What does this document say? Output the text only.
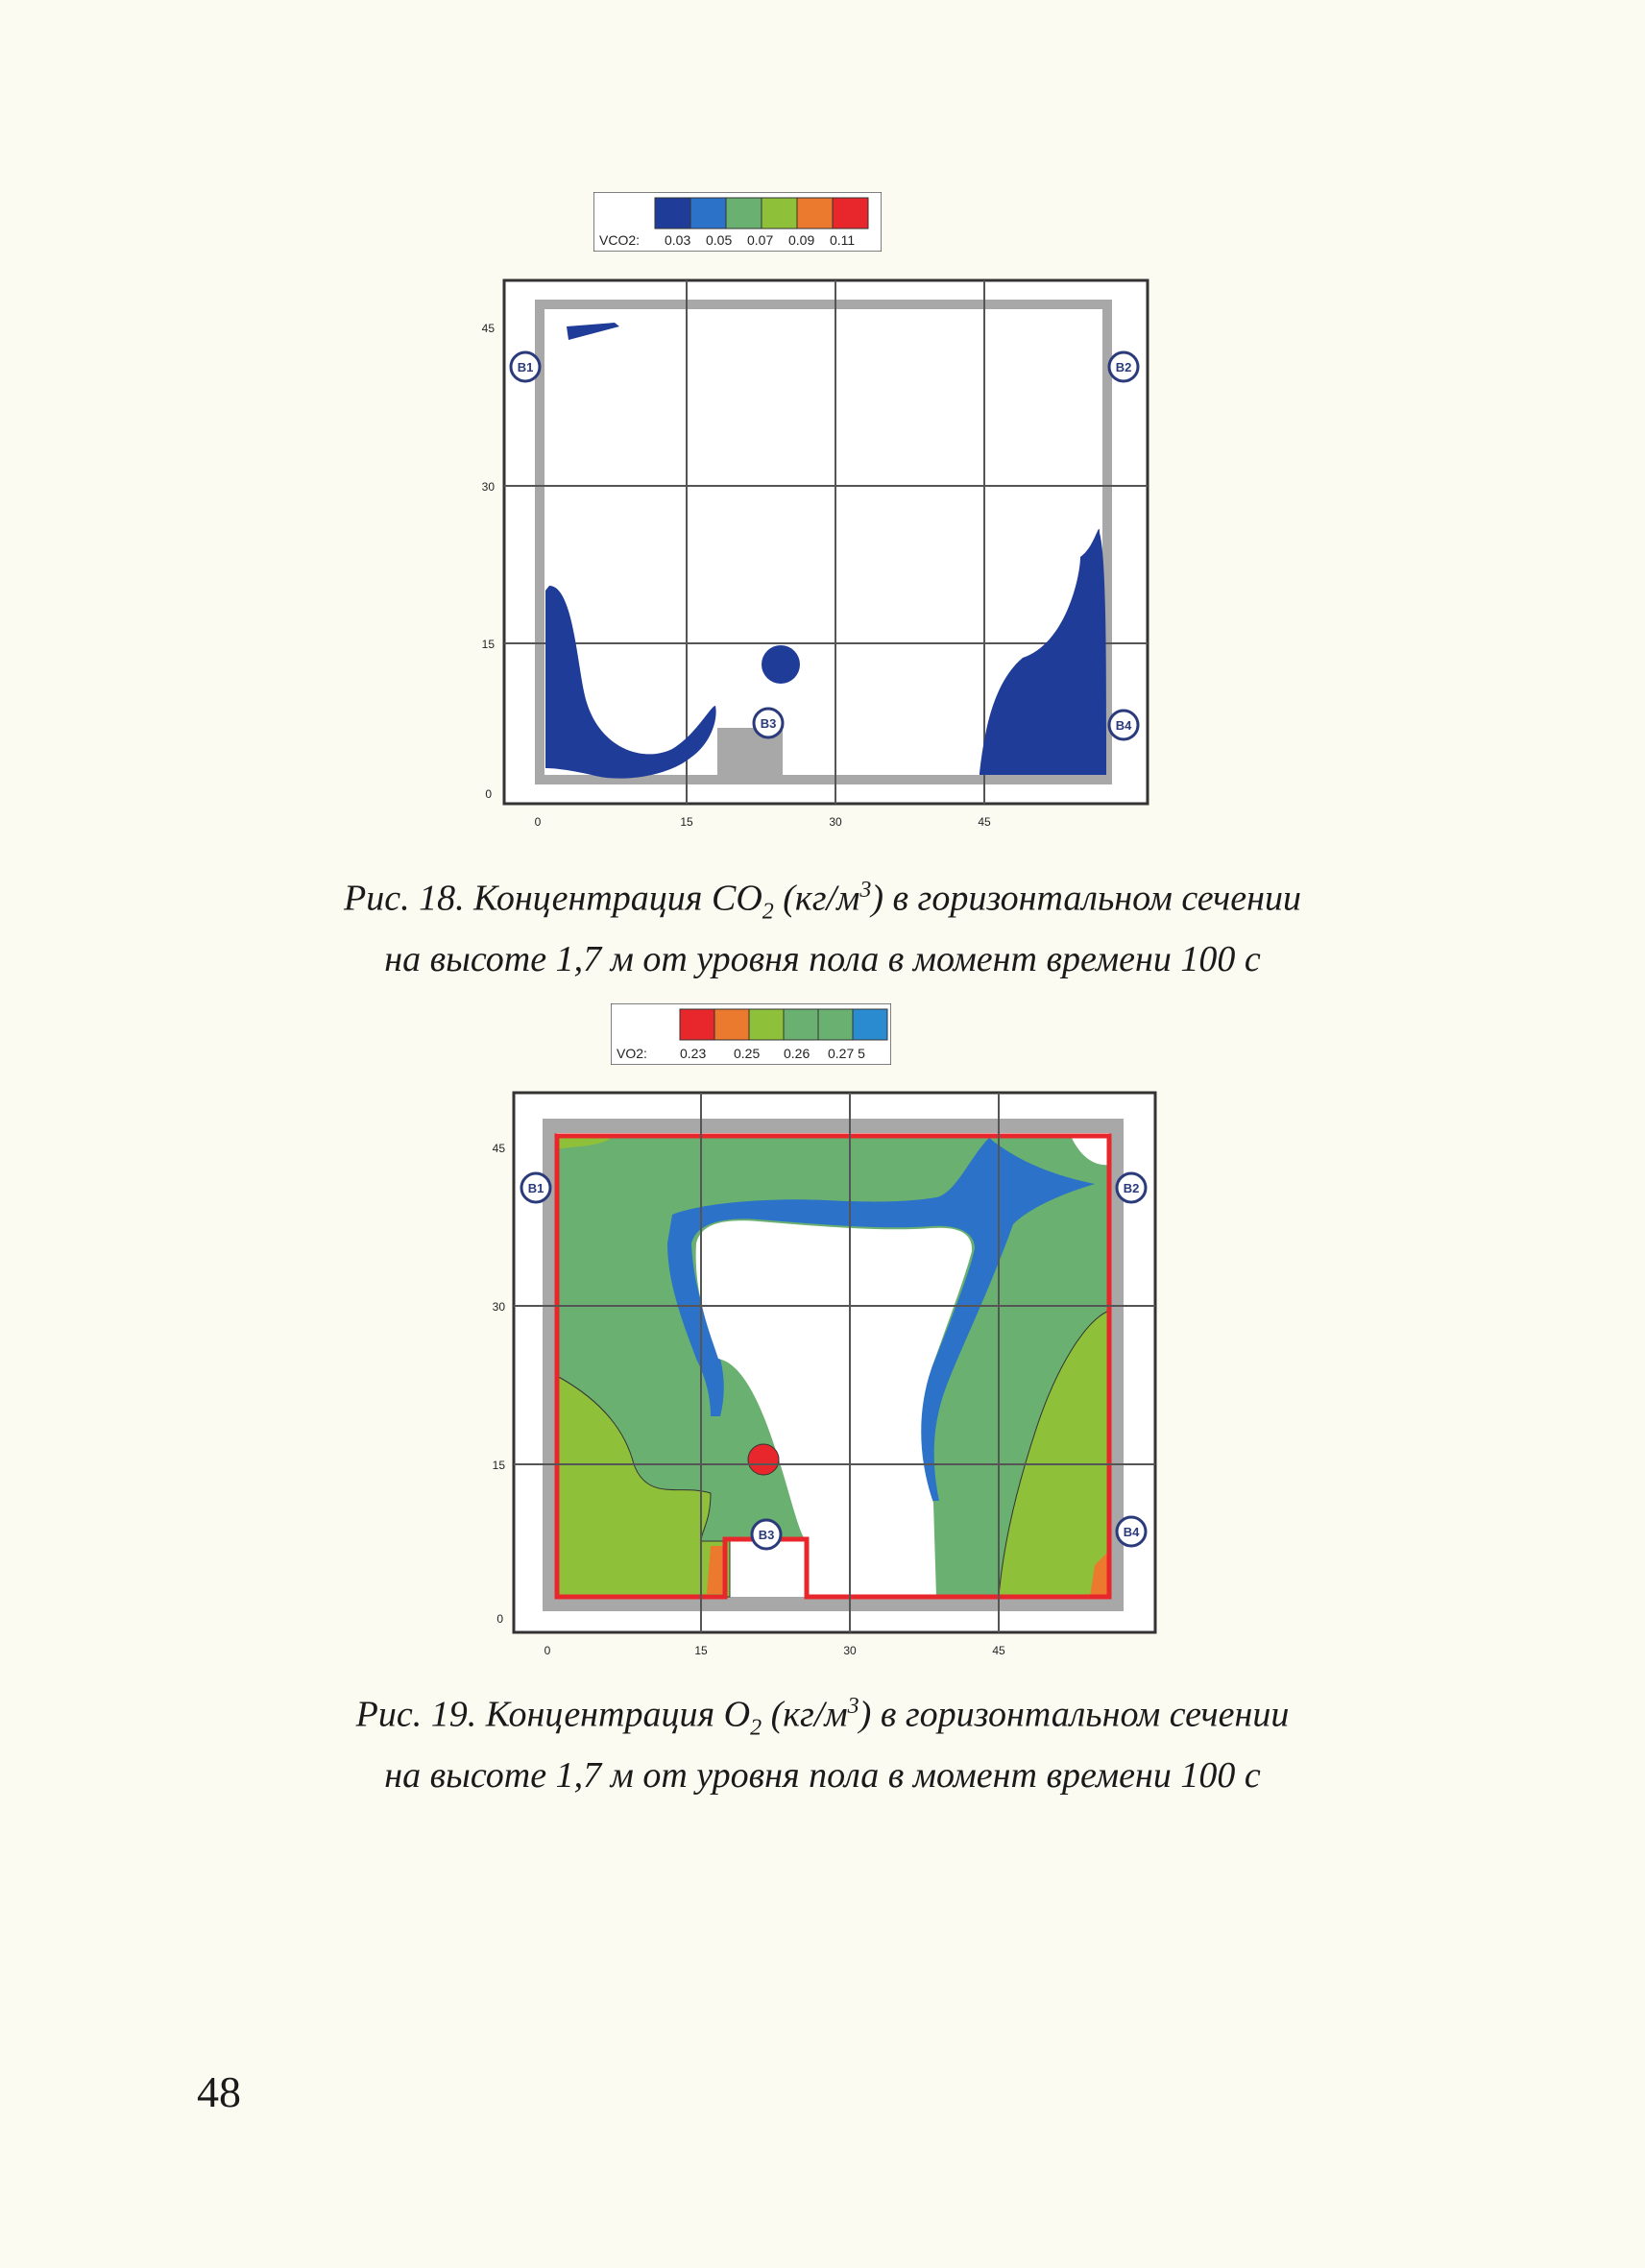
VCO2: 0.03 0.05 0.07 0.09 0.11
B1	B2
B3	B4
0
15
30
45
0	15	30	45
Рис. 18. Концентрация $CO_2$ $(кг/м^3)$ в горизонтальном сечении
на высоте 1,7 м от уровня пола в момент времени 100 с
VO2: 0.23 0.25 0.26 0.27 5
B1	B2
B3	B4
0
15
30
45
0	15	30	45
Рис. 19. Концентрация $O_2$ $(кг/м^3)$ в горизонтальном сечении
на высоте 1,7 м от уровня пола в момент времени 100 с
48
